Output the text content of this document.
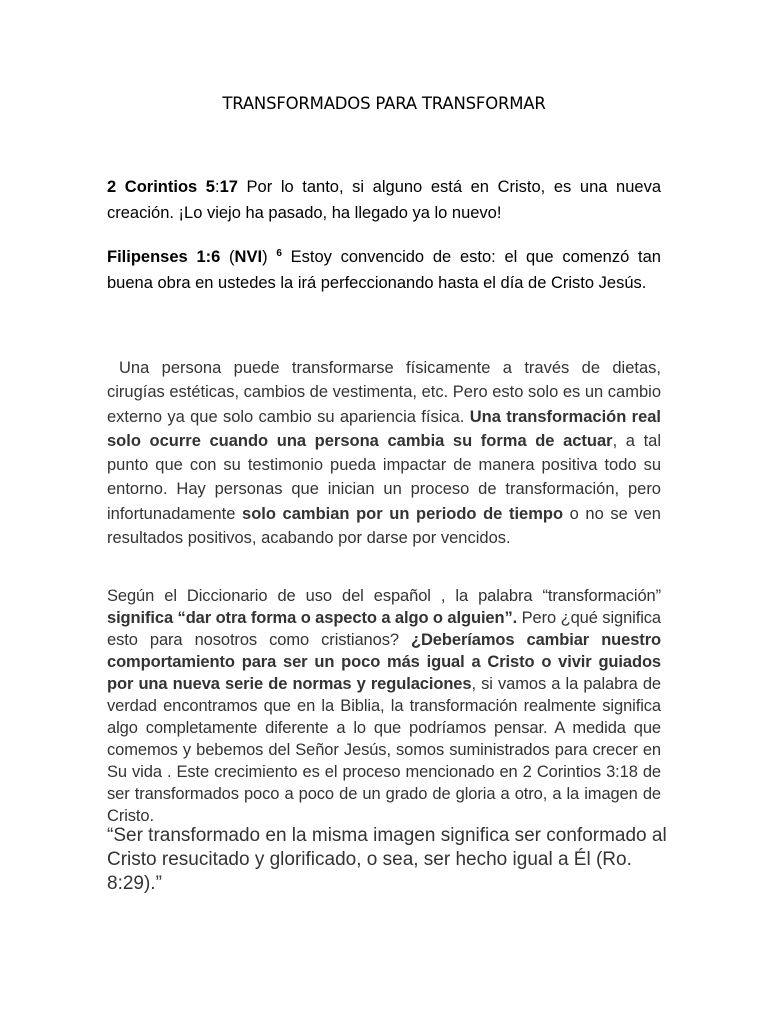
TRANSFORMADOS PARA TRANSFORMAR
2 Corintios 5:17 Por lo tanto, si alguno está en Cristo, es una nueva creación. ¡Lo viejo ha pasado, ha llegado ya lo nuevo!
Filipenses 1:6 (NVI) $^6$ Estoy convencido de esto: el que comenzó tan buena obra en ustedes la irá perfeccionando hasta el día de Cristo Jesús.
Una persona puede transformarse físicamente a través de dietas, cirugías estéticas, cambios de vestimenta, etc. Pero esto solo es un cambio externo ya que solo cambio su apariencia física. Una transformación real solo ocurre cuando una persona cambia su forma de actuar, a tal punto que con su testimonio pueda impactar de manera positiva todo su entorno. Hay personas que inician un proceso de transformación, pero infortunadamente solo cambian por un periodo de tiempo o no se ven resultados positivos, acabando por darse por vencidos.
Según el Diccionario de uso del español , la palabra “transformación” significa “dar otra forma o aspecto a algo o alguien”. Pero ¿qué significa esto para nosotros como cristianos? ¿Deberíamos cambiar nuestro comportamiento para ser un poco más igual a Cristo o vivir guiados por una nueva serie de normas y regulaciones, si vamos a la palabra de verdad encontramos que en la Biblia, la transformación realmente significa algo completamente diferente a lo que podríamos pensar. A medida que comemos y bebemos del Señor Jesús, somos suministrados para crecer en Su vida . Este crecimiento es el proceso mencionado en 2 Corintios 3:18 de ser transformados poco a poco de un grado de gloria a otro, a la imagen de Cristo.
“Ser transformado en la misma imagen significa ser conformado al Cristo resucitado y glorificado, o sea, ser hecho igual a Él (Ro. 8:29).”
